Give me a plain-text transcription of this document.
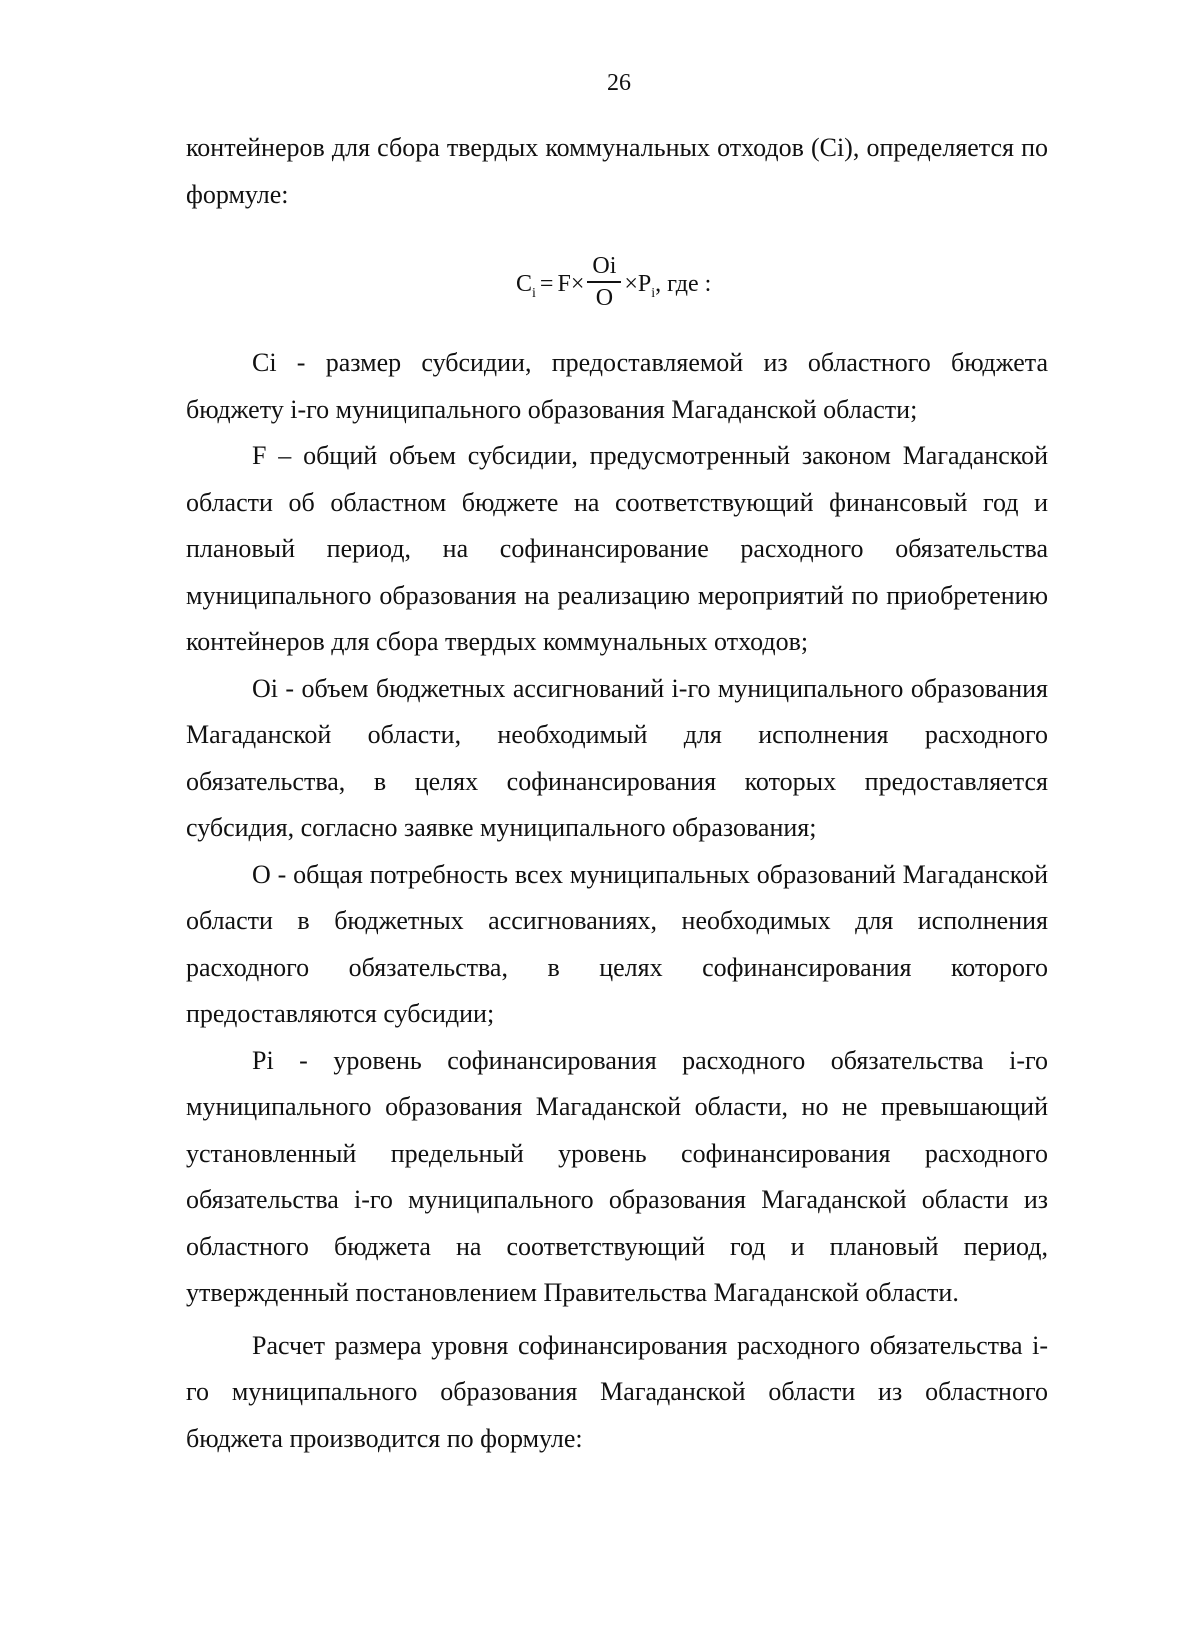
26

контейнеров для сбора твердых коммунальных отходов (Ci), определяется по формуле:

$C_i = F \times \frac{Oi}{O} \times P_i$ , где :

Ci - размер субсидии, предоставляемой из областного бюджета бюджету i-го муниципального образования Магаданской области;

F – общий объем субсидии, предусмотренный законом Магаданской области об областном бюджете на соответствующий финансовый год и плановый период, на софинансирование расходного обязательства муниципального образования на реализацию мероприятий по приобретению контейнеров для сбора твердых коммунальных отходов;

Oi - объем бюджетных ассигнований i-го муниципального образования Магаданской области, необходимый для исполнения расходного обязательства, в целях софинансирования которых предоставляется субсидия, согласно заявке муниципального образования;

O - общая потребность всех муниципальных образований Магаданской области в бюджетных ассигнованиях, необходимых для исполнения расходного обязательства, в целях софинансирования которого предоставляются субсидии;

Pi - уровень софинансирования расходного обязательства i-го муниципального образования Магаданской области, но не превышающий установленный предельный уровень софинансирования расходного обязательства i-го муниципального образования Магаданской области из областного бюджета на соответствующий год и плановый период, утвержденный постановлением Правительства Магаданской области.

Расчет размера уровня софинансирования расходного обязательства i-го муниципального образования Магаданской области из областного бюджета производится по формуле:
